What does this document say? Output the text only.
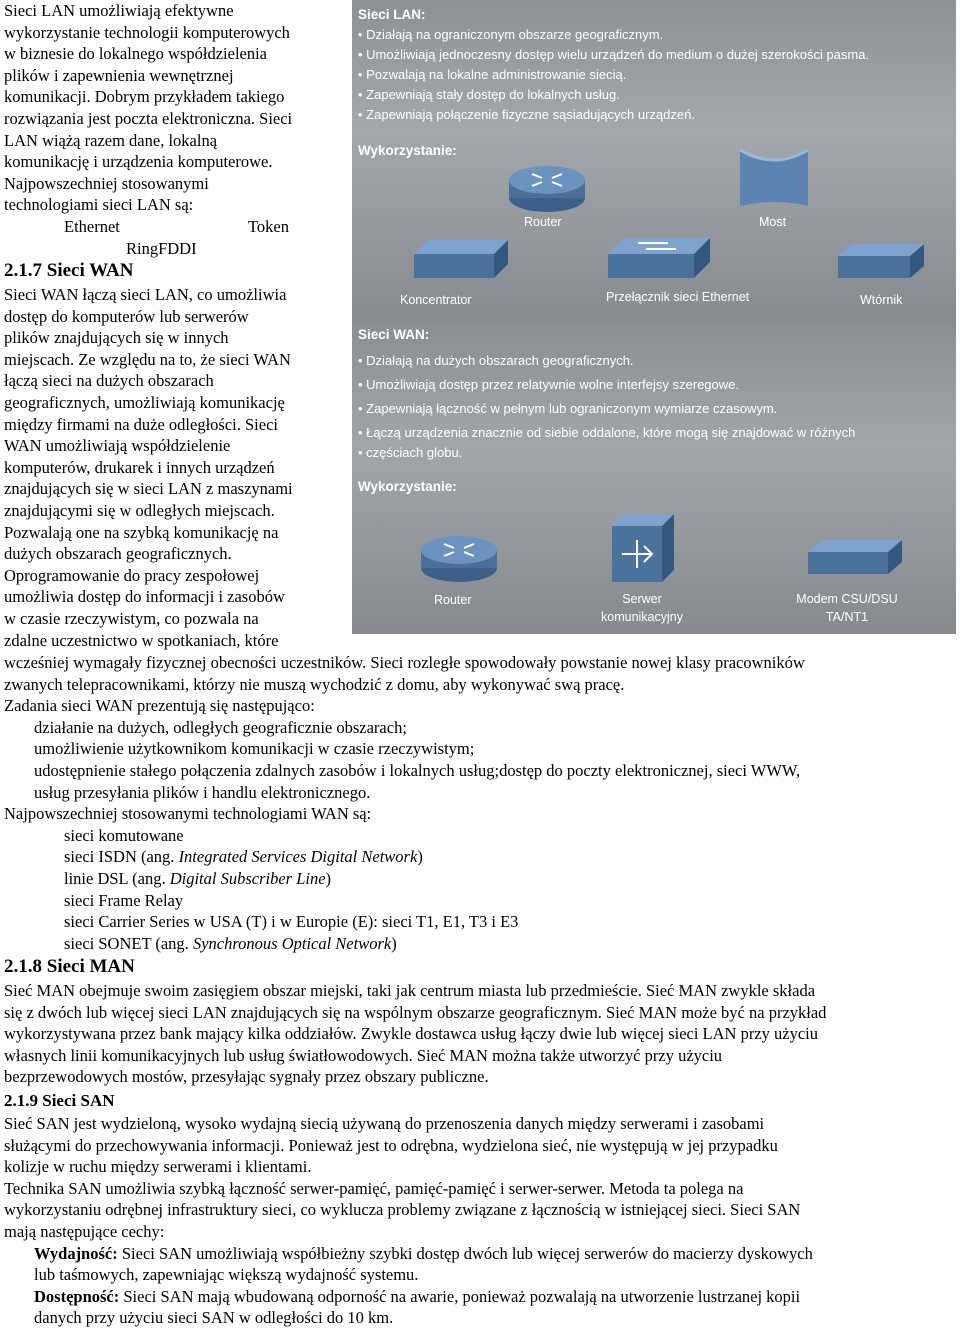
Sieci LAN:
• Działają na ograniczonym obszarze geograficznym.
• Umożliwiają jednoczesny dostęp wielu urządzeń do medium o dużej szerokości pasma.
• Pozwalają na lokalne administrowanie siecią.
• Zapewniają stały dostęp do lokalnych usług.
• Zapewniają połączenie fizyczne sąsiadujących urządzeń.
Wykorzystanie:
Router	Most
Koncentrator	Przełącznik sieci Ethernet	Wtórnik
Sieci WAN:
• Działają na dużych obszarach geograficznych.
• Umożliwiają dostęp przez relatywnie wolne interfejsy szeregowe.
• Zapewniają łączność w pełnym lub ograniczonym wymiarze czasowym.
• Łączą urządzenia znacznie od siebie oddalone, które mogą się znajdować w różnych
• częściach globu.
Wykorzystanie:
Router	Serwer komunikacyjny
Modem CSU/DSU TA/NT1
Sieci LAN umożliwiają efektywne
wykorzystanie technologii komputerowych
w biznesie do lokalnego współdzielenia
plików i zapewnienia wewnętrznej
komunikacji. Dobrym przykładem takiego
rozwiązania jest poczta elektroniczna. Sieci
LAN wiążą razem dane, lokalną
komunikację i urządzenia komputerowe.
Najpowszechniej stosowanymi
technologiami sieci LAN są:
Ethernet	Token
RingFDDI
2.1.7 Sieci WAN
Sieci WAN łączą sieci LAN, co umożliwia
dostęp do komputerów lub serwerów
plików znajdujących się w innych
miejscach. Ze względu na to, że sieci WAN
łączą sieci na dużych obszarach
geograficznych, umożliwiają komunikację
między firmami na duże odległości. Sieci
WAN umożliwiają współdzielenie
komputerów, drukarek i innych urządzeń
znajdujących się w sieci LAN z maszynami
znajdującymi się w odległych miejscach.
Pozwalają one na szybką komunikację na
dużych obszarach geograficznych.
Oprogramowanie do pracy zespołowej
umożliwia dostęp do informacji i zasobów
w czasie rzeczywistym, co pozwala na
zdalne uczestnictwo w spotkaniach, które
wcześniej wymagały fizycznej obecności uczestników. Sieci rozległe spowodowały powstanie nowej klasy pracowników
zwanych telepracownikami, którzy nie muszą wychodzić z domu, aby wykonywać swą pracę.
Zadania sieci WAN prezentują się następująco:
działanie na dużych, odległych geograficznie obszarach;
umożliwienie użytkownikom komunikacji w czasie rzeczywistym;
udostępnienie stałego połączenia zdalnych zasobów i lokalnych usług;dostęp do poczty elektronicznej, sieci WWW,
usług przesyłania plików i handlu elektronicznego.
Najpowszechniej stosowanymi technologiami WAN są:
sieci komutowane
sieci ISDN (ang. Integrated Services Digital Network)
linie DSL (ang. Digital Subscriber Line)
sieci Frame Relay
sieci Carrier Series w USA (T) i w Europie (E): sieci T1, E1, T3 i E3
sieci SONET (ang. Synchronous Optical Network)
2.1.8 Sieci MAN
Sieć MAN obejmuje swoim zasięgiem obszar miejski, taki jak centrum miasta lub przedmieście. Sieć MAN zwykle składa
się z dwóch lub więcej sieci LAN znajdujących się na wspólnym obszarze geograficznym. Sieć MAN może być na przykład
wykorzystywana przez bank mający kilka oddziałów. Zwykle dostawca usług łączy dwie lub więcej sieci LAN przy użyciu
własnych linii komunikacyjnych lub usług światłowodowych. Sieć MAN można także utworzyć przy użyciu
bezprzewodowych mostów, przesyłając sygnały przez obszary publiczne.
2.1.9 Sieci SAN
Sieć SAN jest wydzieloną, wysoko wydajną siecią używaną do przenoszenia danych między serwerami i zasobami
służącymi do przechowywania informacji. Ponieważ jest to odrębna, wydzielona sieć, nie występują w jej przypadku
kolizje w ruchu między serwerami i klientami.
Technika SAN umożliwia szybką łączność serwer-pamięć, pamięć-pamięć i serwer-serwer. Metoda ta polega na
wykorzystaniu odrębnej infrastruktury sieci, co wyklucza problemy związane z łącznością w istniejącej sieci. Sieci SAN
mają następujące cechy:
Wydajność: Sieci SAN umożliwiają współbieżny szybki dostęp dwóch lub więcej serwerów do macierzy dyskowych
lub taśmowych, zapewniając większą wydajność systemu.
Dostępność: Sieci SAN mają wbudowaną odporność na awarie, ponieważ pozwalają na utworzenie lustrzanej kopii
danych przy użyciu sieci SAN w odległości do 10 km.
